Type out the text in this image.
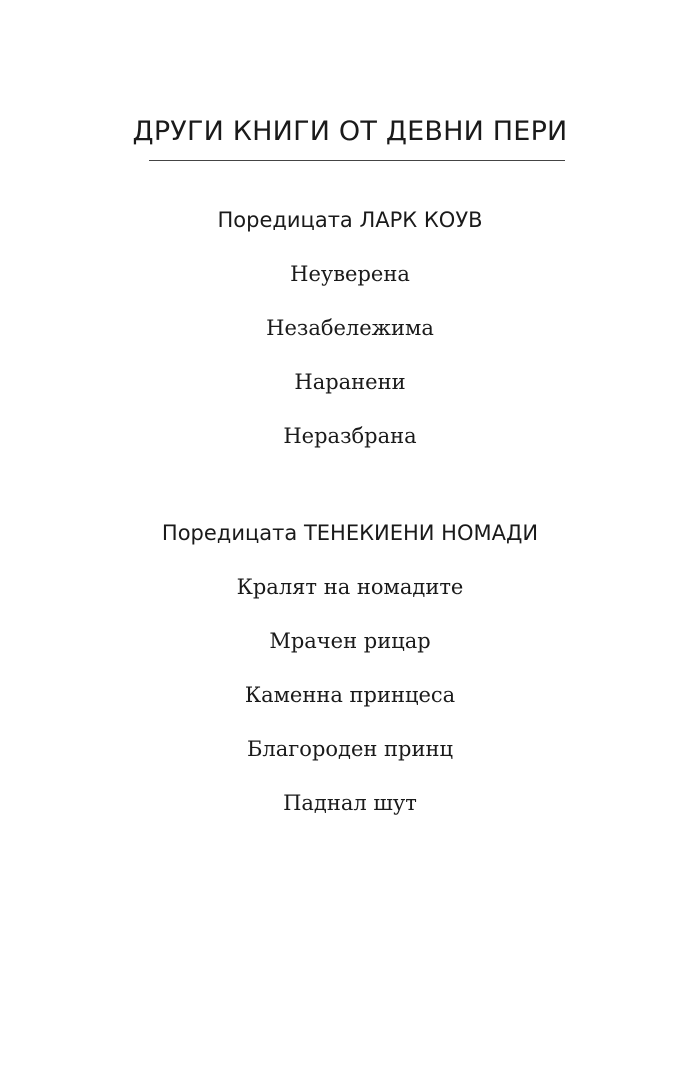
ДРУГИ КНИГИ ОТ ДЕВНИ ПЕРИ
Поредицата ЛАРК КОУВ
Неуверена
Незабележима
Наранени
Неразбрана
Поредицата ТЕНЕКИЕНИ НОМАДИ
Кралят на номадите
Мрачен рицар
Каменна принцеса
Благороден принц
Паднал шут
